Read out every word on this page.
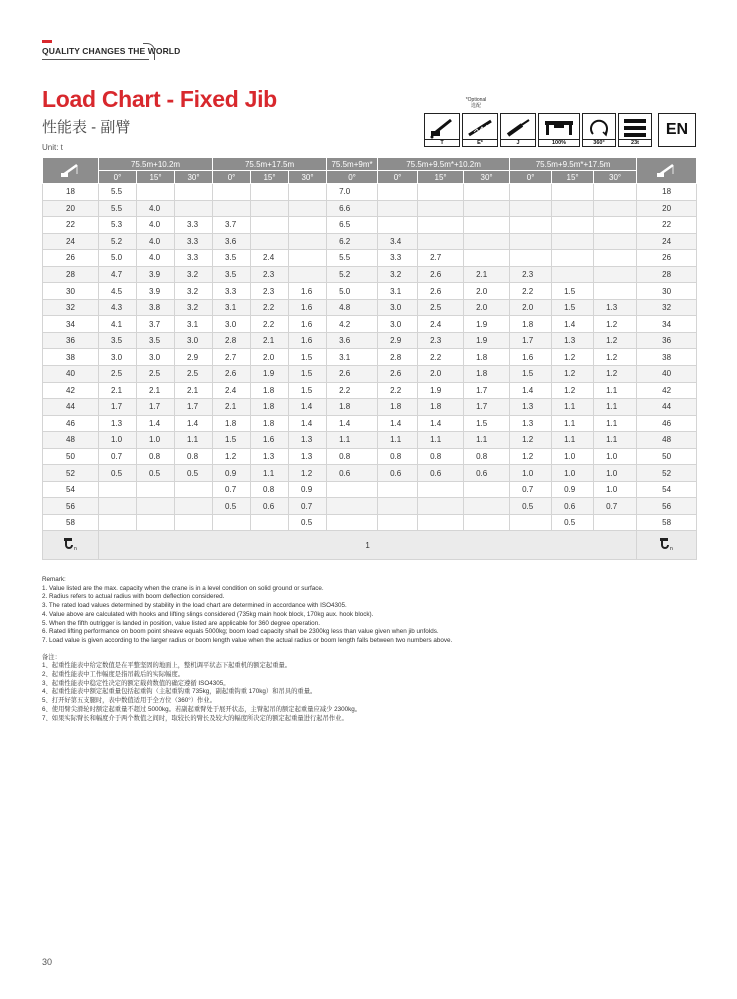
QUALITY CHANGES THE WORLD
Load Chart - Fixed Jib
性能表 - 副臂
Unit: t
*Optional
选配
T	E*	J	100%	360°	23t
EN
	75.5m+10.2m			75.5m+17.5m			75.5m+9m*	75.5m+9.5m*+10.2m			75.5m+9.5m*+17.5m	
	0°	15°	30°	0°	15°	30°	0°	0°	15°	30°	0°	15°	30°	
18	5.5						7.0							18
20	5.5	4.0					6.6							20
22	5.3	4.0	3.3	3.7			6.5							22
24	5.2	4.0	3.3	3.6			6.2	3.4						24
26	5.0	4.0	3.3	3.5	2.4		5.5	3.3	2.7					26
28	4.7	3.9	3.2	3.5	2.3		5.2	3.2	2.6	2.1	2.3			28
30	4.5	3.9	3.2	3.3	2.3	1.6	5.0	3.1	2.6	2.0	2.2	1.5		30
32	4.3	3.8	3.2	3.1	2.2	1.6	4.8	3.0	2.5	2.0	2.0	1.5	1.3	32
34	4.1	3.7	3.1	3.0	2.2	1.6	4.2	3.0	2.4	1.9	1.8	1.4	1.2	34
36	3.5	3.5	3.0	2.8	2.1	1.6	3.6	2.9	2.3	1.9	1.7	1.3	1.2	36
38	3.0	3.0	2.9	2.7	2.0	1.5	3.1	2.8	2.2	1.8	1.6	1.2	1.2	38
40	2.5	2.5	2.5	2.6	1.9	1.5	2.6	2.6	2.0	1.8	1.5	1.2	1.2	40
42	2.1	2.1	2.1	2.4	1.8	1.5	2.2	2.2	1.9	1.7	1.4	1.2	1.1	42
44	1.7	1.7	1.7	2.1	1.8	1.4	1.8	1.8	1.8	1.7	1.3	1.1	1.1	44
46	1.3	1.4	1.4	1.8	1.8	1.4	1.4	1.4	1.4	1.5	1.3	1.1	1.1	46
48	1.0	1.0	1.1	1.5	1.6	1.3	1.1	1.1	1.1	1.1	1.2	1.1	1.1	48
50	0.7	0.8	0.8	1.2	1.3	1.3	0.8	0.8	0.8	0.8	1.2	1.0	1.0	50
52	0.5	0.5	0.5	0.9	1.1	1.2	0.6	0.6	0.6	0.6	1.0	1.0	1.0	52
54				0.7	0.8	0.9					0.7	0.9	1.0	54
56				0.5	0.6	0.7					0.5	0.6	0.7	56
58						0.5						0.5		58

n	1													n
Remark:
1. Value listed are the max. capacity when the crane is in a level condition on solid ground or surface.
2. Radius refers to actual radius with boom deflection considered.
3. The rated load values determined by stability in the load chart are determined in accordance with ISO4305.
4. Value above are calculated with hooks and lifting slings considered (735kg main hook block, 170kg aux. hook block).
5. When the fifth outrigger is landed in position, value listed are applicable for 360 degree operation.
6. Rated lifting performance on boom point sheave equals 5000kg; boom load capacity shall be 2300kg less than value given when jib unfolds.
7. Load value is given according to the larger radius or boom length value when the actual radius or boom length falls between two numbers above.
备注：
1、起重性能表中给定数值是在平整坚固的地面上，整机调平状态下起重机的额定起重量。
2、起重性能表中工作幅度是指吊载后的实际幅度。
3、起重性能表中稳定性决定的额定载荷数值的确定遵循 ISO4305。
4、起重性能表中额定起重量包括起重钩（主起重钩重 735kg，副起重钩重 170kg）和吊具的重量。
5、打开好第五支腿时，表中数值适用于全方位（360°）作业。
6、使用臂尖滑轮时额定起重量不超过 5000kg。若副起重臂处于展开状态，主臂起吊的额定起重量应减少 2300kg。
7、如果实际臂长和幅度介于两个数值之间时，取较长的臂长及较大的幅度所决定的额定起重量进行起吊作业。
30
